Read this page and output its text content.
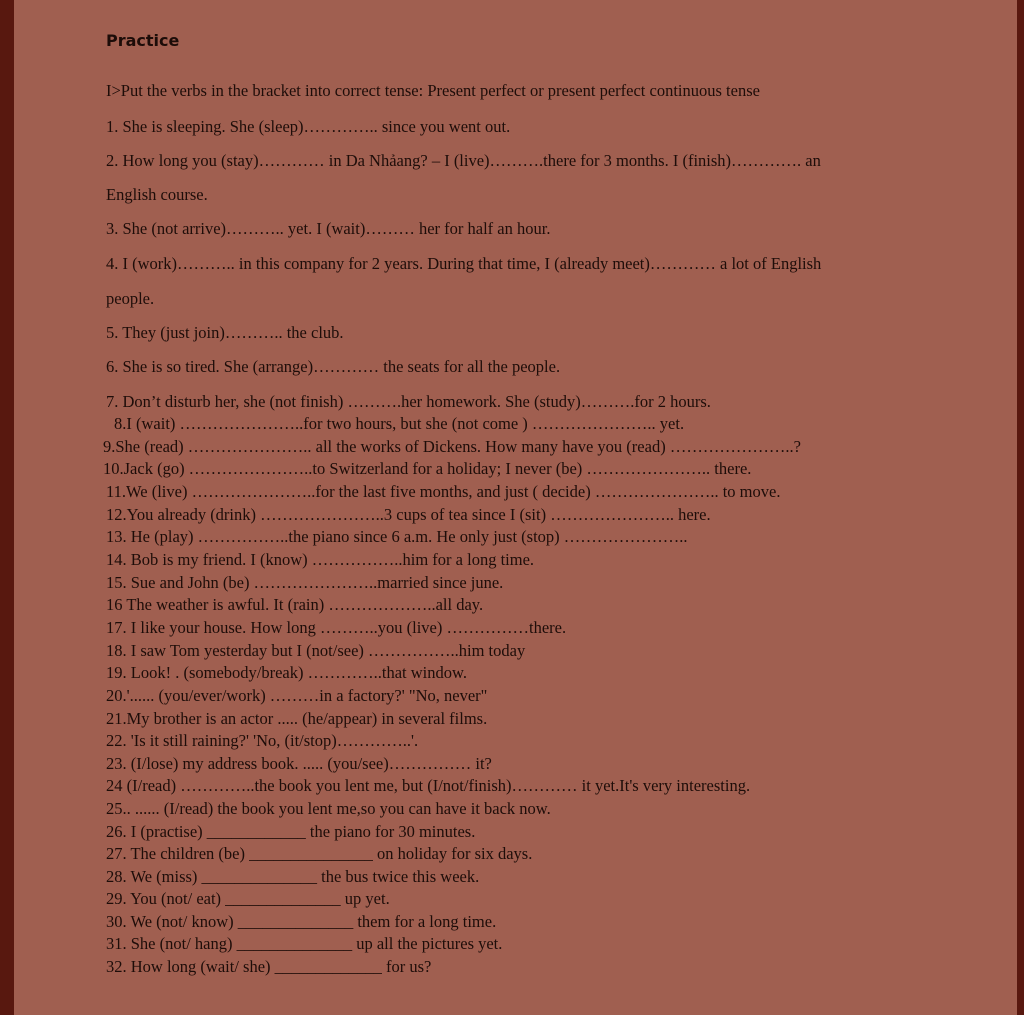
Practice
I>Put the verbs in the bracket into correct tense: Present perfect or present perfect continuous tense
1. She is sleeping. She (sleep)………….. since you went out.
2. How long you (stay)………… in Da Nhảang? – I (live)……….there for 3 months. I (finish)…………. an
English course.
3. She (not arrive)……….. yet. I (wait)……… her for half an hour.
4. I (work)……….. in this company for 2 years. During that time, I (already meet)………… a lot of English
people.
5. They (just join)……….. the club.
6. She is so tired. She (arrange)………… the seats for all the people.
7. Don’t disturb her, she (not finish) ……….her homework. She (study)……….for 2 hours.
8.I (wait) …………………..for two hours, but she (not come ) ………………….. yet.
9.She (read) ………………….. all the works of Dickens. How many have you (read) …………………..?
10.Jack (go) …………………..to Switzerland for a holiday; I never (be) ………………….. there.
11.We (live) …………………..for the last five months, and just ( decide) ………………….. to move.
12.You already (drink) …………………..3 cups of tea since I (sit) ………………….. here.
13. He (play) ……………..the piano since 6 a.m. He only just (stop) …………………..
14. Bob is my friend. I (know) ……………..him for a long time.
15. Sue and John (be) …………………..married since june.
16 The weather is awful. It (rain) ………………..all day.
17. I like your house. How long ………..you (live) ……………there.
18. I saw Tom yesterday but I (not/see) ……………..him today
19. Look! . (somebody/break) …………..that window.
20.'...... (you/ever/work) ………in a factory?' "No, never"
21.My brother is an actor ..... (he/appear) in several films.
22. 'Is it still raining?' 'No, (it/stop)…………..'.
23. (I/lose) my address book. ..... (you/see)…………… it?
24 (I/read) …………..the book you lent me, but (I/not/finish)………… it yet.It's very interesting.
25.. ...... (I/read) the book you lent me,so you can have it back now.
26. I (practise) ____________ the piano for 30 minutes.
27. The children (be) _______________ on holiday for six days.
28. We (miss) ______________ the bus twice this week.
29. You (not/ eat) ______________ up yet.
30. We (not/ know) ______________ them for a long time.
31. She (not/ hang) ______________ up all the pictures yet.
32. How long (wait/ she) _____________ for us?
